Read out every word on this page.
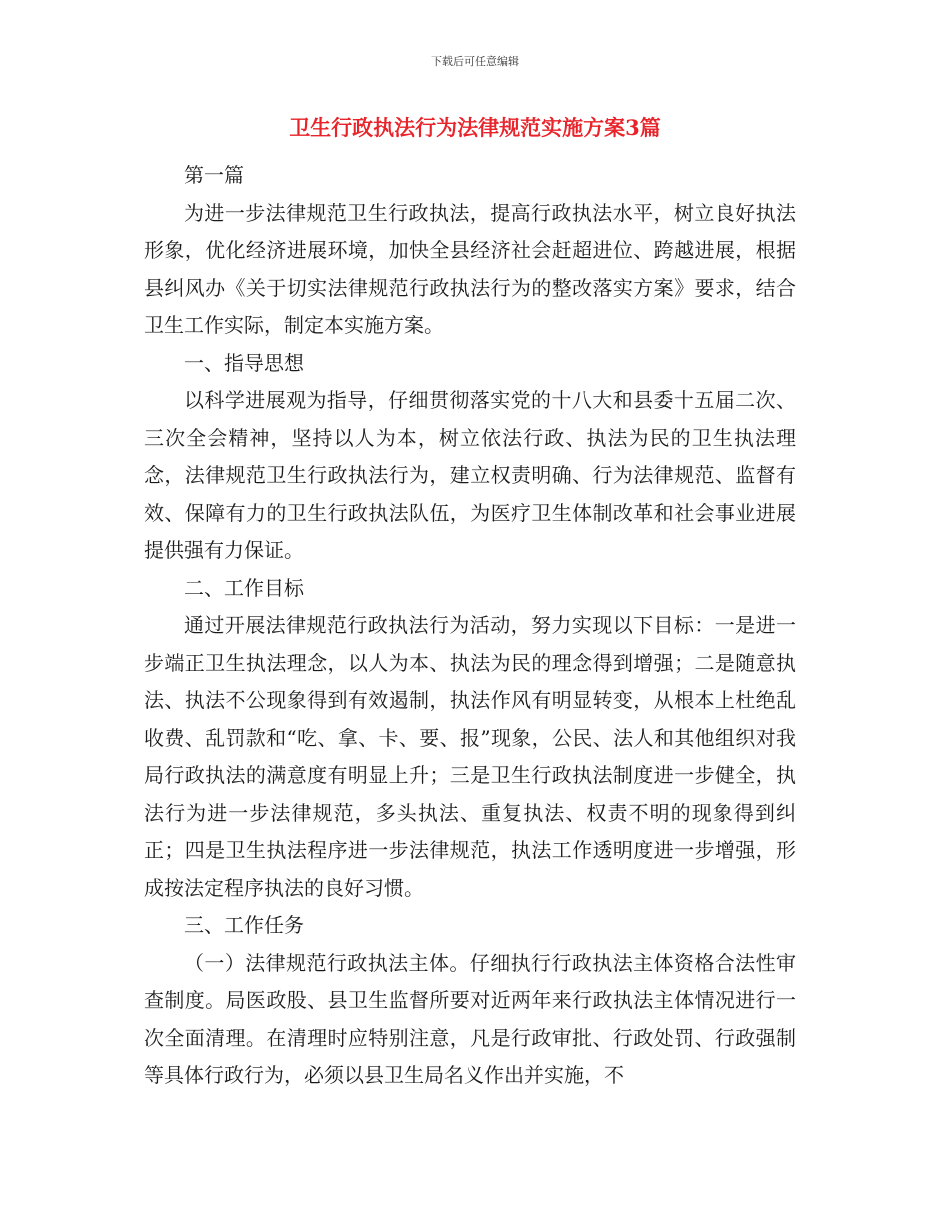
下载后可任意编辑
卫生行政执法行为法律规范实施方案3篇

第一篇

为进一步法律规范卫生行政执法，提高行政执法水平，树立良好执法形象，优化经济进展环境，加快全县经济社会赶超进位、跨越进展，根据县纠风办《关于切实法律规范行政执法行为的整改落实方案》要求，结合卫生工作实际，制定本实施方案。

一、指导思想

以科学进展观为指导，仔细贯彻落实党的十八大和县委十五届二次、三次全会精神，坚持以人为本，树立依法行政、执法为民的卫生执法理念，法律规范卫生行政执法行为，建立权责明确、行为法律规范、监督有效、保障有力的卫生行政执法队伍，为医疗卫生体制改革和社会事业进展提供强有力保证。

二、工作目标

通过开展法律规范行政执法行为活动，努力实现以下目标：一是进一步端正卫生执法理念，以人为本、执法为民的理念得到增强；二是随意执法、执法不公现象得到有效遏制，执法作风有明显转变，从根本上杜绝乱收费、乱罚款和“吃、拿、卡、要、报”现象，公民、法人和其他组织对我局行政执法的满意度有明显上升；三是卫生行政执法制度进一步健全，执法行为进一步法律规范，多头执法、重复执法、权责不明的现象得到纠正；四是卫生执法程序进一步法律规范，执法工作透明度进一步增强，形成按法定程序执法的良好习惯。

三、工作任务

（一）法律规范行政执法主体。仔细执行行政执法主体资格合法性审查制度。局医政股、县卫生监督所要对近两年来行政执法主体情况进行一次全面清理。在清理时应特别注意，凡是行政审批、行政处罚、行政强制等具体行政行为，必须以县卫生局名义作出并实施，不
